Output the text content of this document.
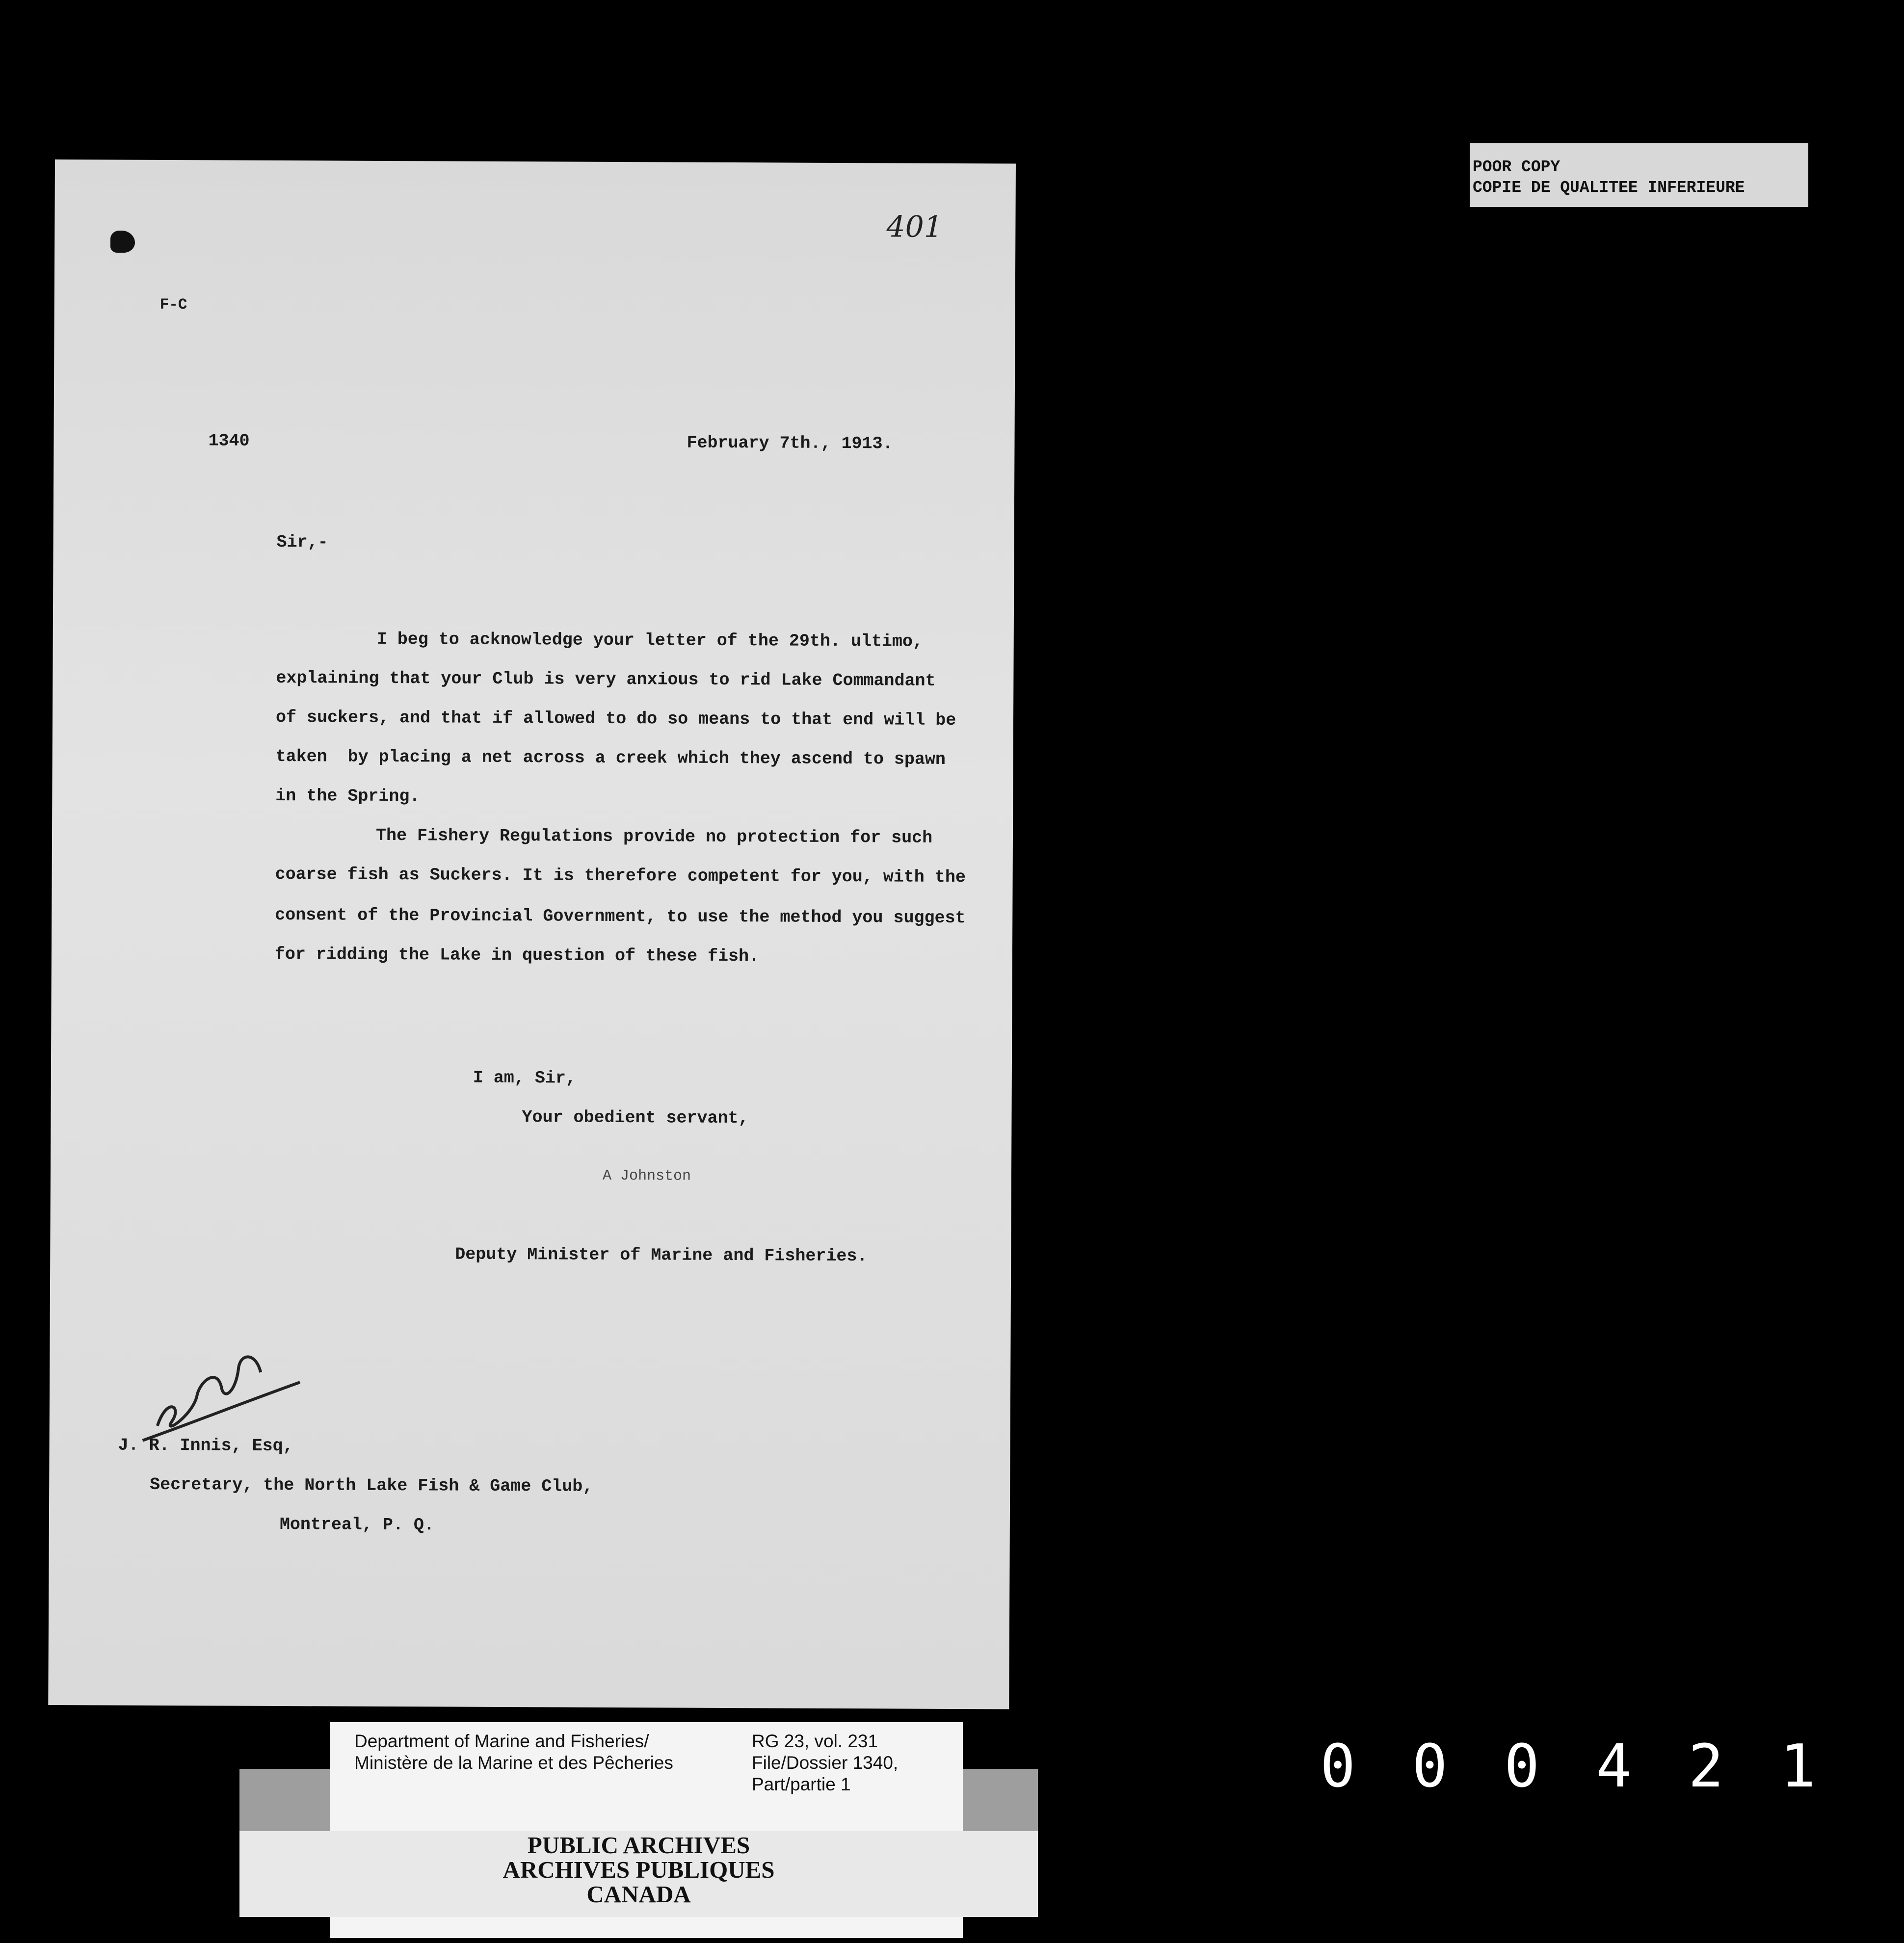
401
F-C
1340	February 7th., 1913.
Sir,-
I beg to acknowledge your letter of the 29th. ultimo,
explaining that your Club is very anxious to rid Lake Commandant
of suckers, and that if allowed to do so means to that end will be
taken  by placing a net across a creek which they ascend to spawn
in the Spring.
The Fishery Regulations provide no protection for such
coarse fish as Suckers. It is therefore competent for you, with the
consent of the Provincial Government, to use the method you suggest
for ridding the Lake in question of these fish.
I am, Sir,
Your obedient servant,
A Johnston
Deputy Minister of Marine and Fisheries.
J. R. Innis, Esq,
Secretary, the North Lake Fish & Game Club,
Montreal, P. Q.
POOR COPY
COPIE DE QUALITEE INFERIEURE
Department of Marine and Fisheries/
Ministère de la Marine et des Pêcheries
RG 23, vol. 231
File/Dossier 1340,
Part/partie 1
PUBLIC ARCHIVES
ARCHIVES PUBLIQUES
CANADA
0 0 0 4 2 1
